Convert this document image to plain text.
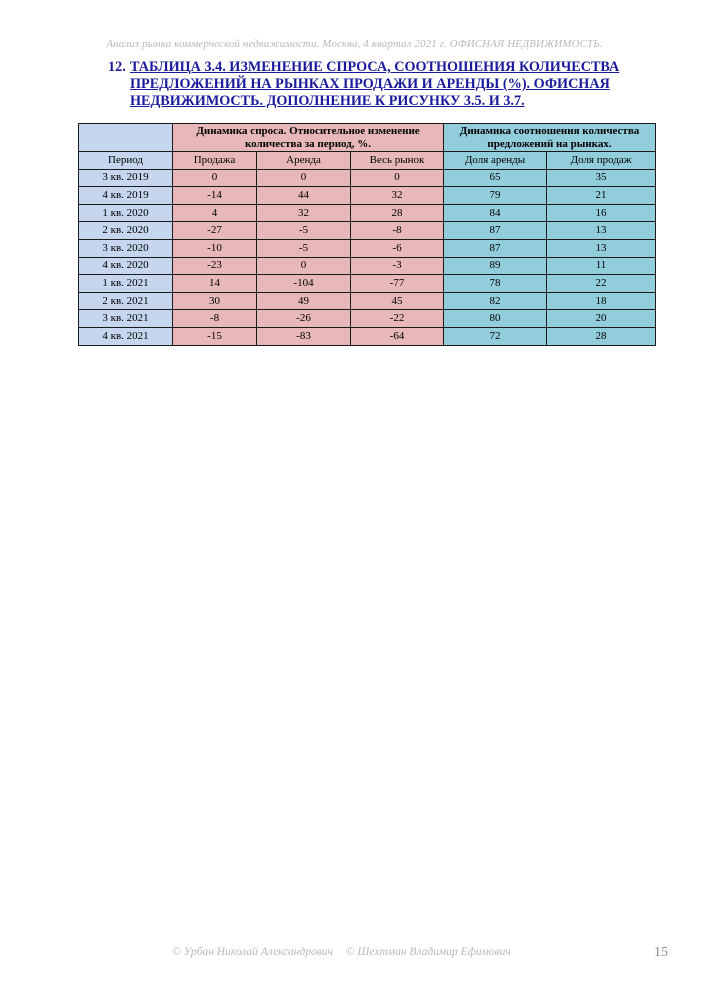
Анализ рынка коммерческой недвижимости. Москва, 4 квартал 2021 г. ОФИСНАЯ НЕДВИЖИМОСТЬ.
12. ТАБЛИЦА 3.4. ИЗМЕНЕНИЕ СПРОСА, СООТНОШЕНИЯ КОЛИЧЕСТВА ПРЕДЛОЖЕНИЙ НА РЫНКАХ ПРОДАЖИ И АРЕНДЫ (%). ОФИСНАЯ НЕДВИЖИМОСТЬ. ДОПОЛНЕНИЕ К РИСУНКУ 3.5. И 3.7.
	Динамика спроса. Относительное изменение количества за период, %.			Динамика соотношения количества предложений на рынках.	
Период	Продажа	Аренда	Весь рынок	Доля аренды	Доля продаж
3 кв. 2019	0	0	0	65	35
4 кв. 2019	-14	44	32	79	21
1 кв. 2020	4	32	28	84	16
2 кв. 2020	-27	-5	-8	87	13
3 кв. 2020	-10	-5	-6	87	13
4 кв. 2020	-23	0	-3	89	11
1 кв. 2021	14	-104	-77	78	22
2 кв. 2021	30	49	45	82	18
3 кв. 2021	-8	-26	-22	80	20
4 кв. 2021	-15	-83	-64	72	28
© Урбан Николай Александрович © Шехтман Владимир Ефимович	15
